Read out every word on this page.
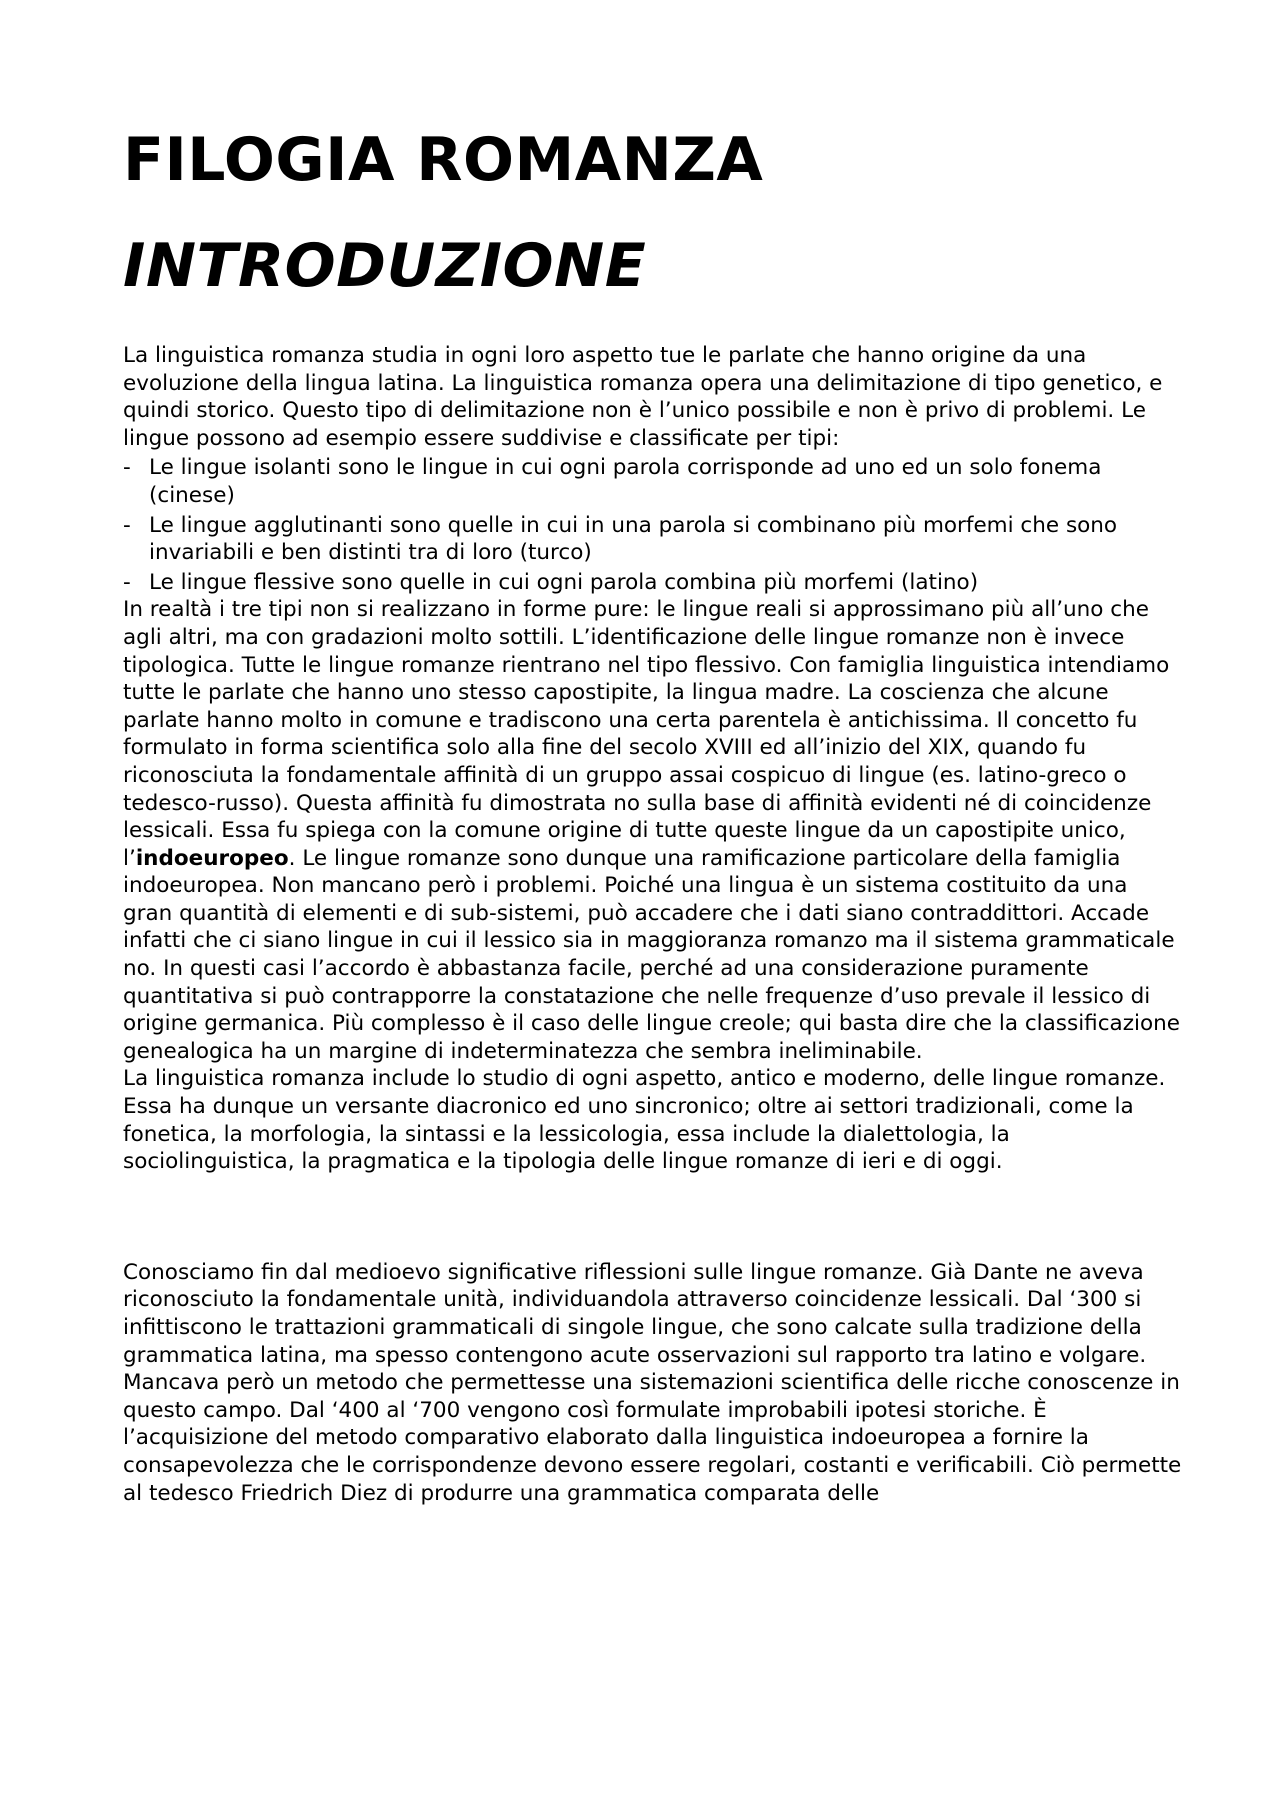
FILOGIA ROMANZA
INTRODUZIONE

La linguistica romanza studia in ogni loro aspetto tue le parlate che hanno origine da una evoluzione della lingua latina. La linguistica romanza opera una delimitazione di tipo genetico, e quindi storico. Questo tipo di delimitazione non è l’unico possibile e non è privo di problemi. Le lingue possono ad esempio essere suddivise e classificate per tipi:

- Le lingue isolanti sono le lingue in cui ogni parola corrisponde ad uno ed un solo fonema (cinese)
- Le lingue agglutinanti sono quelle in cui in una parola si combinano più morfemi che sono invariabili e ben distinti tra di loro (turco)
- Le lingue flessive sono quelle in cui ogni parola combina più morfemi (latino)

In realtà i tre tipi non si realizzano in forme pure: le lingue reali si approssimano più all’uno che agli altri, ma con gradazioni molto sottili. L’identificazione delle lingue romanze non è invece tipologica. Tutte le lingue romanze rientrano nel tipo flessivo. Con famiglia linguistica intendiamo tutte le parlate che hanno uno stesso capostipite, la lingua madre. La coscienza che alcune parlate hanno molto in comune e tradiscono una certa parentela è antichissima. Il concetto fu formulato in forma scientifica solo alla fine del secolo XVIII ed all’inizio del XIX, quando fu riconosciuta la fondamentale affinità di un gruppo assai cospicuo di lingue (es. latino-greco o tedesco-russo). Questa affinità fu dimostrata no sulla base di affinità evidenti né di coincidenze lessicali. Essa fu spiega con la comune origine di tutte queste lingue da un capostipite unico, l’indoeuropeo. Le lingue romanze sono dunque una ramificazione particolare della famiglia indoeuropea. Non mancano però i problemi. Poiché una lingua è un sistema costituito da una gran quantità di elementi e di sub-sistemi, può accadere che i dati siano contraddittori. Accade infatti che ci siano lingue in cui il lessico sia in maggioranza romanzo ma il sistema grammaticale no. In questi casi l’accordo è abbastanza facile, perché ad una considerazione puramente quantitativa si può contrapporre la constatazione che nelle frequenze d’uso prevale il lessico di origine germanica. Più complesso è il caso delle lingue creole; qui basta dire che la classificazione genealogica ha un margine di indeterminatezza che sembra ineliminabile.

La linguistica romanza include lo studio di ogni aspetto, antico e moderno, delle lingue romanze. Essa ha dunque un versante diacronico ed uno sincronico; oltre ai settori tradizionali, come la fonetica, la morfologia, la sintassi e la lessicologia, essa include la dialettologia, la sociolinguistica, la pragmatica e la tipologia delle lingue romanze di ieri e di oggi.

Conosciamo fin dal medioevo significative riflessioni sulle lingue romanze. Già Dante ne aveva riconosciuto la fondamentale unità, individuandola attraverso coincidenze lessicali. Dal ‘300 si infittiscono le trattazioni grammaticali di singole lingue, che sono calcate sulla tradizione della grammatica latina, ma spesso contengono acute osservazioni sul rapporto tra latino e volgare. Mancava però un metodo che permettesse una sistemazioni scientifica delle ricche conoscenze in questo campo. Dal ‘400 al ‘700 vengono così formulate improbabili ipotesi storiche. È l’acquisizione del metodo comparativo elaborato dalla linguistica indoeuropea a fornire la consapevolezza che le corrispondenze devono essere regolari, costanti e verificabili. Ciò permette al tedesco Friedrich Diez di produrre una grammatica comparata delle
